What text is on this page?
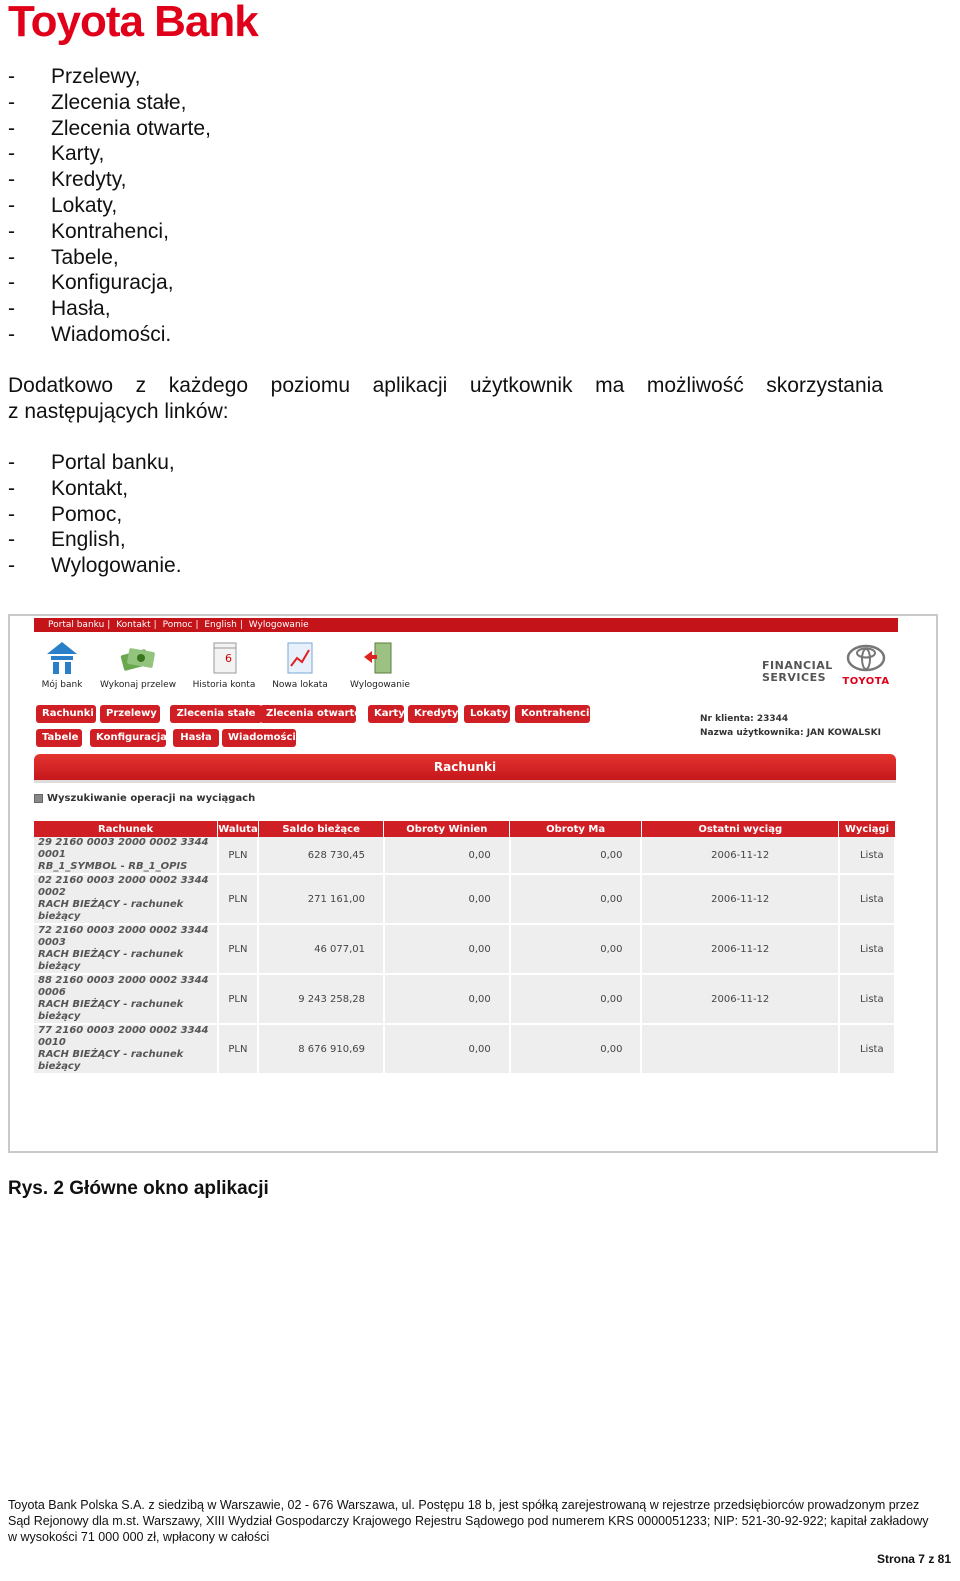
Toyota Bank
- Przelewy,
- Zlecenia stałe,
- Zlecenia otwarte,
- Karty,
- Kredyty,
- Lokaty,
- Kontrahenci,
- Tabele,
- Konfiguracja,
- Hasła,
- Wiadomości.
Dodatkowo z każdego poziomu aplikacji użytkownik ma możliwość skorzystania
z następujących linków:
- Portal banku,
- Kontakt,
- Pomoc,
- English,
- Wylogowanie.
Portal banku | Kontakt | Pomoc | English | Wylogowanie
Mój bank	Wykonaj przelew
6
Historia konta	Nowa lokata	Wylogowanie
FINANCIAL
SERVICES	TOYOTA
Rachunki	Przelewy	Zlecenia stałe	Zlecenia otwarte	Karty Kredyty	Lokaty	Kontrahenci
Tabele	Konfiguracja	Hasła	Wiadomości
Nr klienta: 23344
Nazwa użytkownika: JAN KOWALSKI
Rachunki
Wyszukiwanie operacji na wyciągach
Rachunek	Waluta	Saldo bieżące	Obroty Winien	Obroty Ma	Ostatni wyciąg	Wyciągi

29 2160 0003 2000 0002 3344 0001
RB_1_SYMBOL - RB_1_OPIS	PLN	628 730,45	0,00	0,00	2006-11-12	Lista

02 2160 0003 2000 0002 3344 0002
RACH BIEŻĄCY - rachunek bieżący	PLN	271 161,00	0,00	0,00	2006-11-12	Lista

72 2160 0003 2000 0002 3344 0003
RACH BIEŻĄCY - rachunek bieżący	PLN	46 077,01	0,00	0,00	2006-11-12	Lista

88 2160 0003 2000 0002 3344 0006
RACH BIEŻĄCY - rachunek bieżący	PLN	9 243 258,28	0,00	0,00	2006-11-12	Lista

77 2160 0003 2000 0002 3344 0010
RACH BIEŻĄCY - rachunek bieżący	PLN	8 676 910,69	0,00	0,00		Lista
Rys. 2 Główne okno aplikacji
Toyota Bank Polska S.A. z siedzibą w Warszawie, 02 - 676 Warszawa, ul. Postępu 18 b, jest spółką zarejestrowaną w rejestrze przedsiębiorców prowadzonym przez
Sąd Rejonowy dla m.st. Warszawy, XIII Wydział Gospodarczy Krajowego Rejestru Sądowego pod numerem KRS 0000051233; NIP: 521-30-92-922; kapitał zakładowy
w wysokości 71 000 000 zł, wpłacony w całości
Strona 7 z 81
